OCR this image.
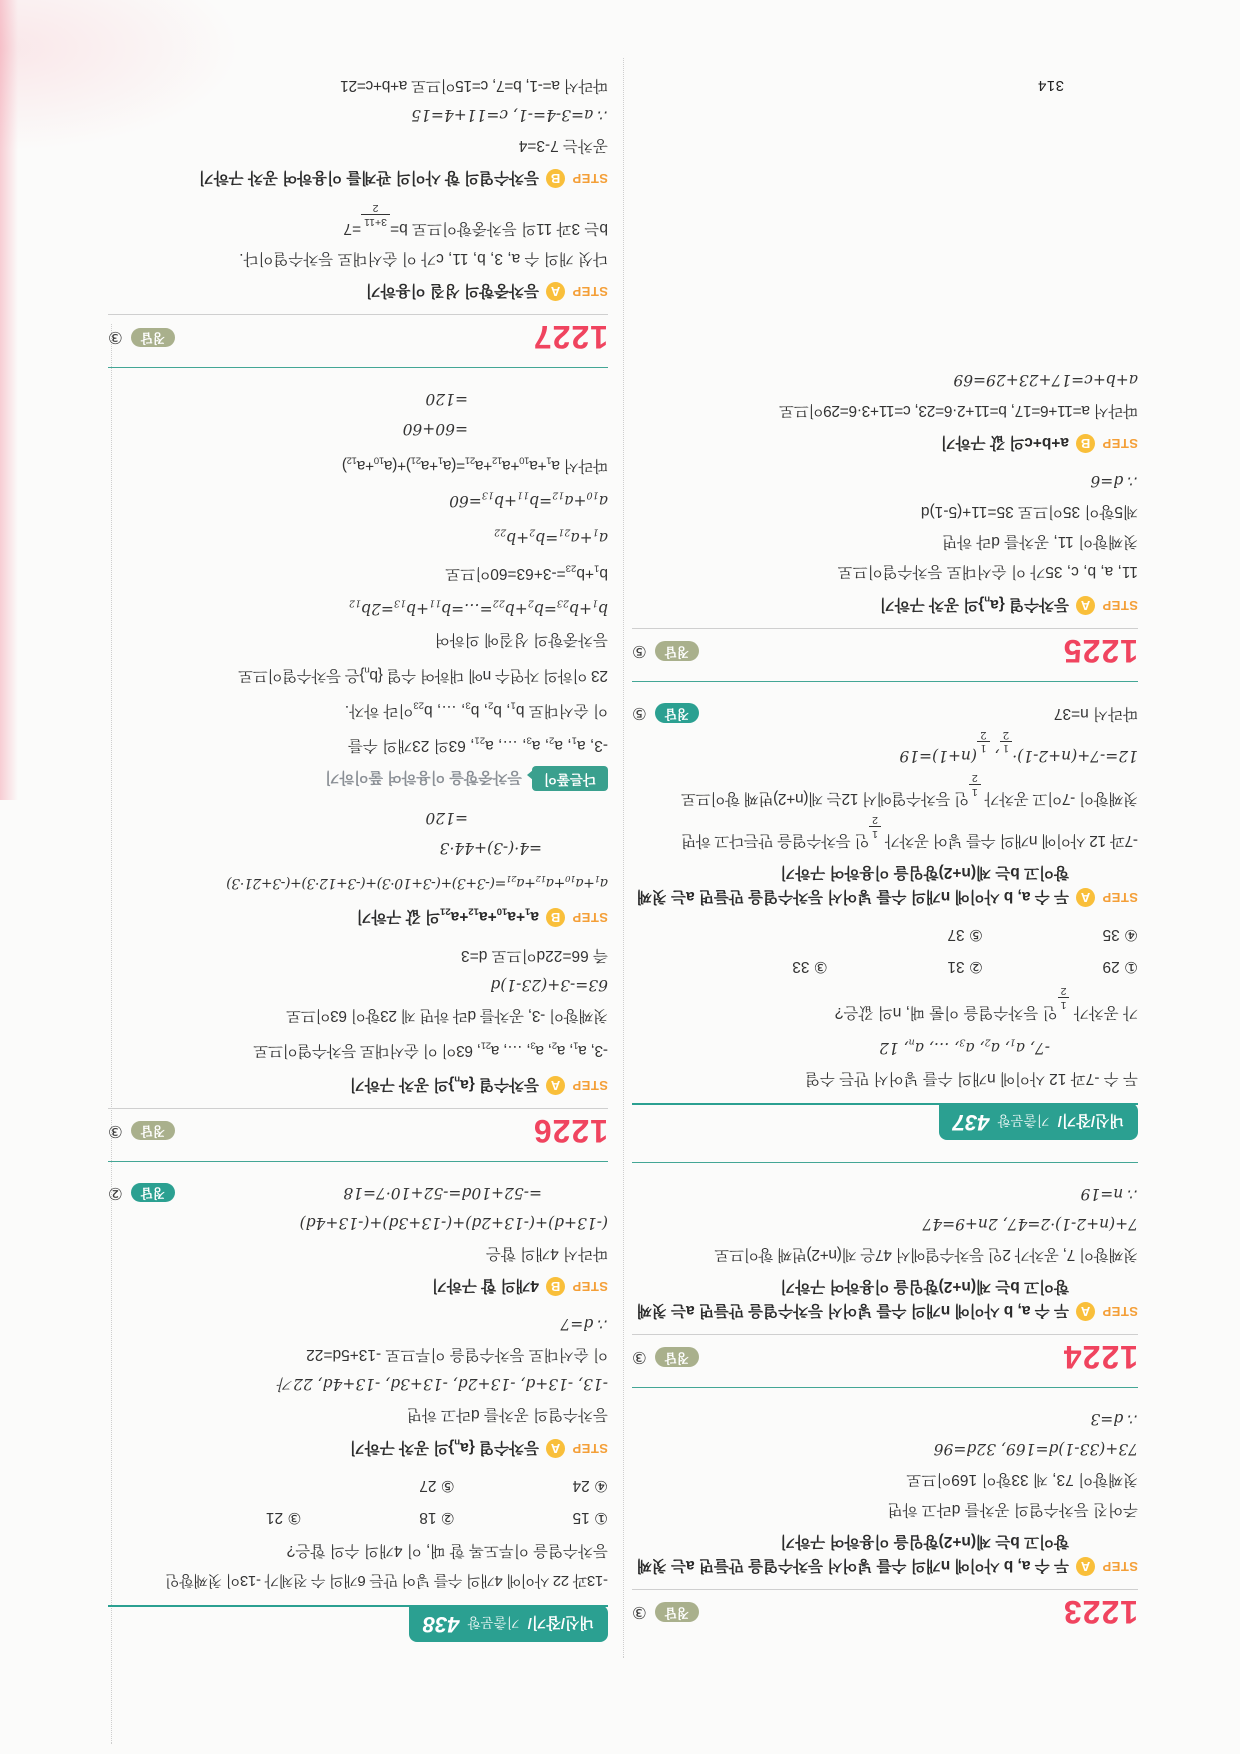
1223
정답
③
STEP
A
두 수 a, b 사이에 n개의 수를 넣어서 등차수열을 만들면 a는 첫째항이고 b는 제(n+2)항임을 이용하여 구하기
주어진 등차수열의 공차를 d라고 하면
첫째항이 73, 제 33항이 169이므로
73+(33-1)d=169, 32d=96
∴ d=3
1224
정답
③
STEP
A
두 수 a, b 사이에 n개의 수를 넣어서 등차수열을 만들면 a는 첫째항이고 b는 제(n+2)항임을 이용하여 구하기
첫째항이 7, 공차가 2인 등차수열에서 47은 제(n+2)번째 항이므로
7+(n+2-1)·2=47, 2n+9=47
∴ n=19
내신/잡기/
기출문항
437
두 수 -7과 12 사이에 n개의 수를 넣어서 만든 수열
-7, $a_1$, $a_2$, $a_3$, …, $a_n$, 12
가 공차가
1
2
인 등차수열을 이룰 때, n의 값은?
① 29
② 31
③ 33
④ 35
⑤ 37
STEP
A
두 수 a, b 사이에 n개의 수를 넣어서 등차수열을 만들면 a는 첫째항이고 b는 제(n+2)항임을 이용하여 구하기
-7과 12 사이에 n개의 수를 넣어 공차가
1
2
인 등차수열을 만든다고 하면
첫째항이 -7이고 공차가
1
2
인 등차수열에서 12는 제(n+2)번째 항이므로
12=-7+(n+2-1)·
1
2
,
1
2
(n+1)=19
따라서 n=37
정답
⑤
1225
정답
⑤
STEP
A
등차수열 $\{a_n\}$의 공차 구하기
11, a, b, c, 35가 이 순서대로 등차수열이므로
첫째항이 11, 공차를 d라 하면
제5항이 35이므로 35=11+(5-1)d
∴ d=6
STEP
B
a+b+c의 값 구하기
따라서 a=11+6=17, b=11+2·6=23, c=11+3·6=29이므로
a+b+c=17+23+29=69
내신/잡기/
기출문항
438
-13과 22 사이에 4개의 수를 넣어 만든 6개의 수 전체가 -13이 첫째항인
등차수열을 이루도록 할 때, 이 4개의 수의 합은?
① 15
② 18
③ 21
④ 24
⑤ 27
STEP
A
등차수열 $\{a_n\}$의 공차 구하기
등차수열의 공차를 d라고 하면
-13, -13+d, -13+2d, -13+3d, -13+4d, 22가
이 순서대로 등차수열을 이루므로 -13+5d=22
∴ d=7
STEP
B
4개의 합 구하기
따라서 4개의 합은
(-13+d)+(-13+2d)+(-13+3d)+(-13+4d)
=-52+10d=-52+10·7=18
정답
②
1226
정답
③
STEP
A
등차수열 $\{a_n\}$의 공차 구하기
-3, $a_1$, $a_2$, $a_3$, …, $a_{21}$, 63이 이 순서대로 등차수열이므로
첫째항이 -3, 공차를 d라 하면 제 23항이 63이므로
63=-3+(23-1)d
즉 66=22d이므로 d=3
STEP
B
$a_1+a_{10}+a_{12}+a_{21}$의 값 구하기
$a_1+a_{10}+a_{12}+a_{21}=(-3+3)+(-3+10\cdot 3)+(-3+12\cdot 3)+(-3+21\cdot 3)$
=4·(-3)+44·3
=120
다른풀이
등차중항을 이용하여 풀이하기
-3, $a_1$, $a_2$, $a_3$, …, $a_{21}$, 63의 23개의 수를
이 순서대로 $b_1$, $b_2$, $b_3$, …, $b_{23}$이라 하자.
23 이하의 자연수 n에 대하여 수열 $\{b_n\}$은 등차수열이므로
등차중항의 성질에 의하여
$b_1+b_{23}=b_2+b_{22}=\dots=b_{11}+b_{13}=2b_{12}$
$b_1+b_{23}=-3+63=60$이므로
$a_1+a_{21}=b_2+b_{22}$
$a_{10}+a_{12}=b_{11}+b_{13}=60$
따라서 $a_1+a_{10}+a_{12}+a_{21}=(a_1+a_{21})+(a_{10}+a_{12})$
=60+60
=120
1227
정답
③
STEP
A
등차중항의 성질 이용하기
다섯 개의 수 a, 3, b, 11, c가 이 순서대로 등차수열이다.
b는 3과 11의 등차중항이므로 b=
3+11
2
=7
STEP
B
등차수열의 항 사이의 관계를 이용하여 공차 구하기
공차는 7-3=4
∴ a=3-4=-1, c=11+4=15
따라서 a=-1, b=7, c=15이므로 a+b+c=21	314
